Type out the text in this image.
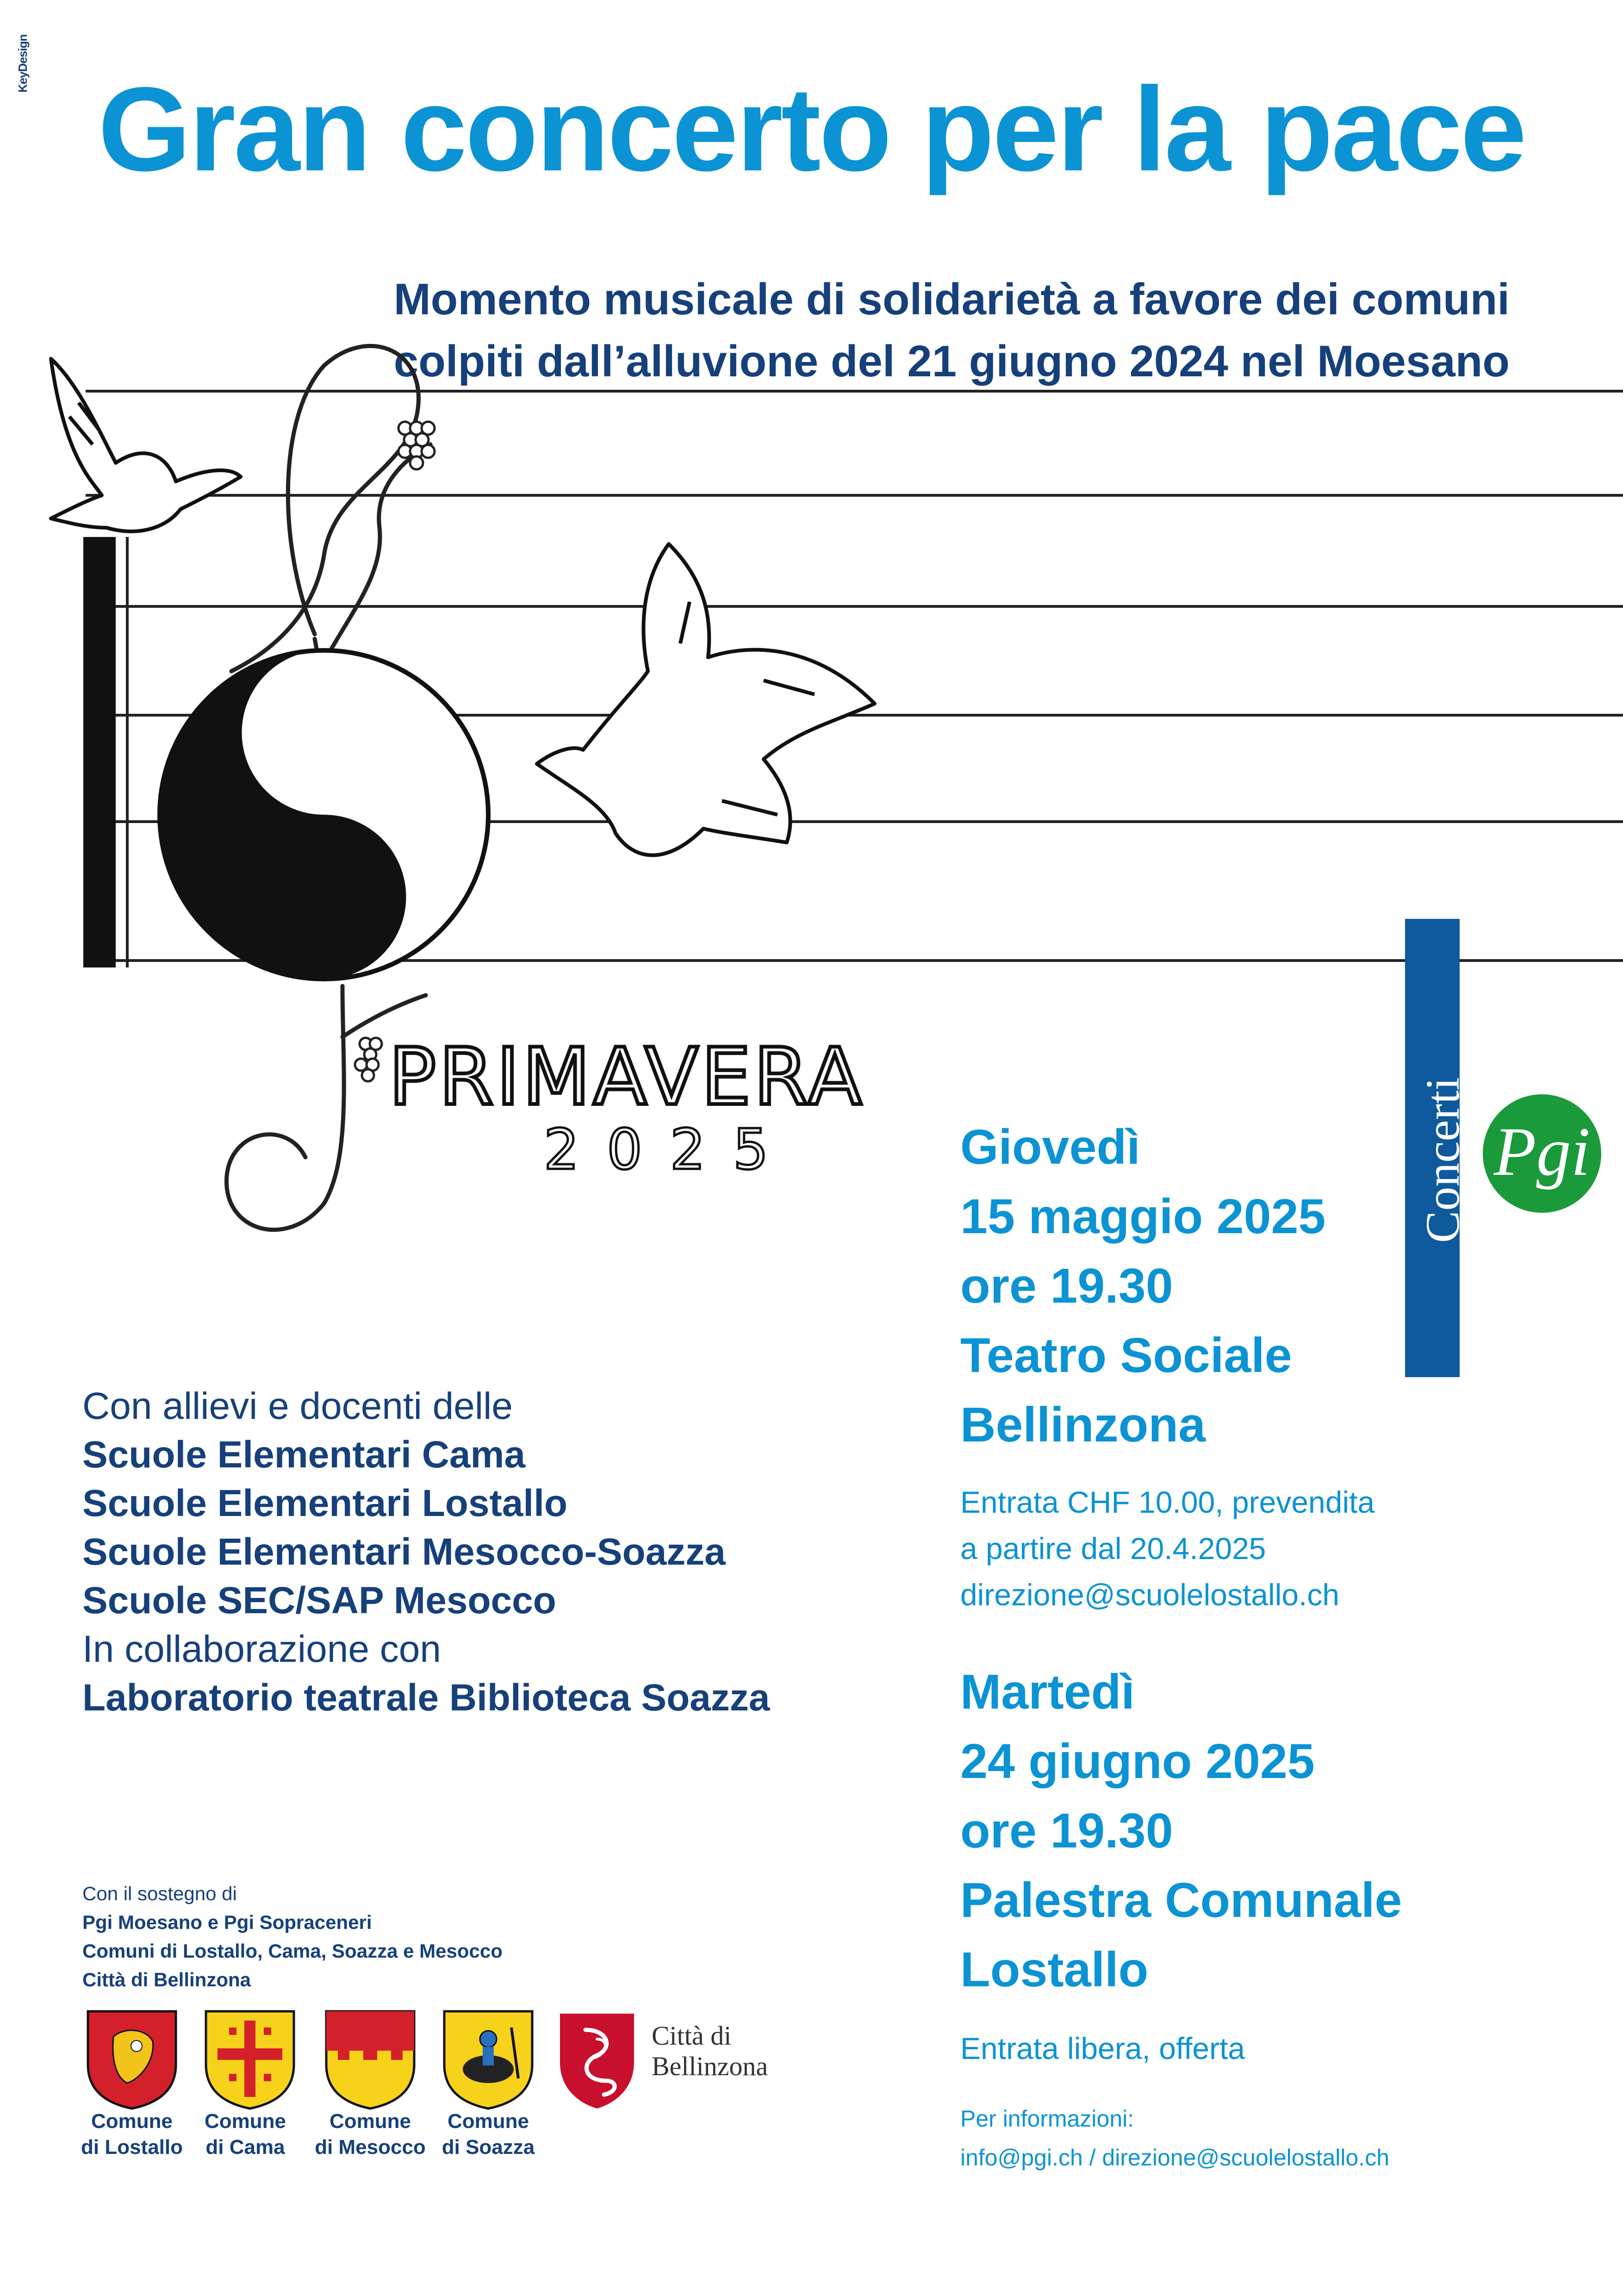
KeyDesign Gran concerto per la pace
Momento musicale di solidarietà a favore dei comuni
colpiti dall’alluvione del 21 giugno 2024 nel Moesano
PRIMAVERA
2025	Concerti Pgi
Giovedì
15 maggio 2025
ore 19.30
Teatro Sociale
Bellinzona
Entrata CHF 10.00, prevendita
a partire dal 20.4.2025
direzione@scuolelostallo.ch
Martedì
24 giugno 2025
ore 19.30
Palestra Comunale
Lostallo
Entrata libera, offerta
Per informazioni:
info@pgi.ch / direzione@scuolelostallo.ch
Con allievi e docenti delle
Scuole Elementari Cama
Scuole Elementari Lostallo
Scuole Elementari Mesocco-Soazza
Scuole SEC/SAP Mesocco
In collaborazione con
Laboratorio teatrale Biblioteca Soazza
Con il sostegno di
Pgi Moesano e Pgi Sopraceneri
Comuni di Lostallo, Cama, Soazza e Mesocco
Città di Bellinzona
Comune
di Lostallo
Comune
di Cama
Comune
di Mesocco
Comune
di Soazza
Città di
Bellinzona
